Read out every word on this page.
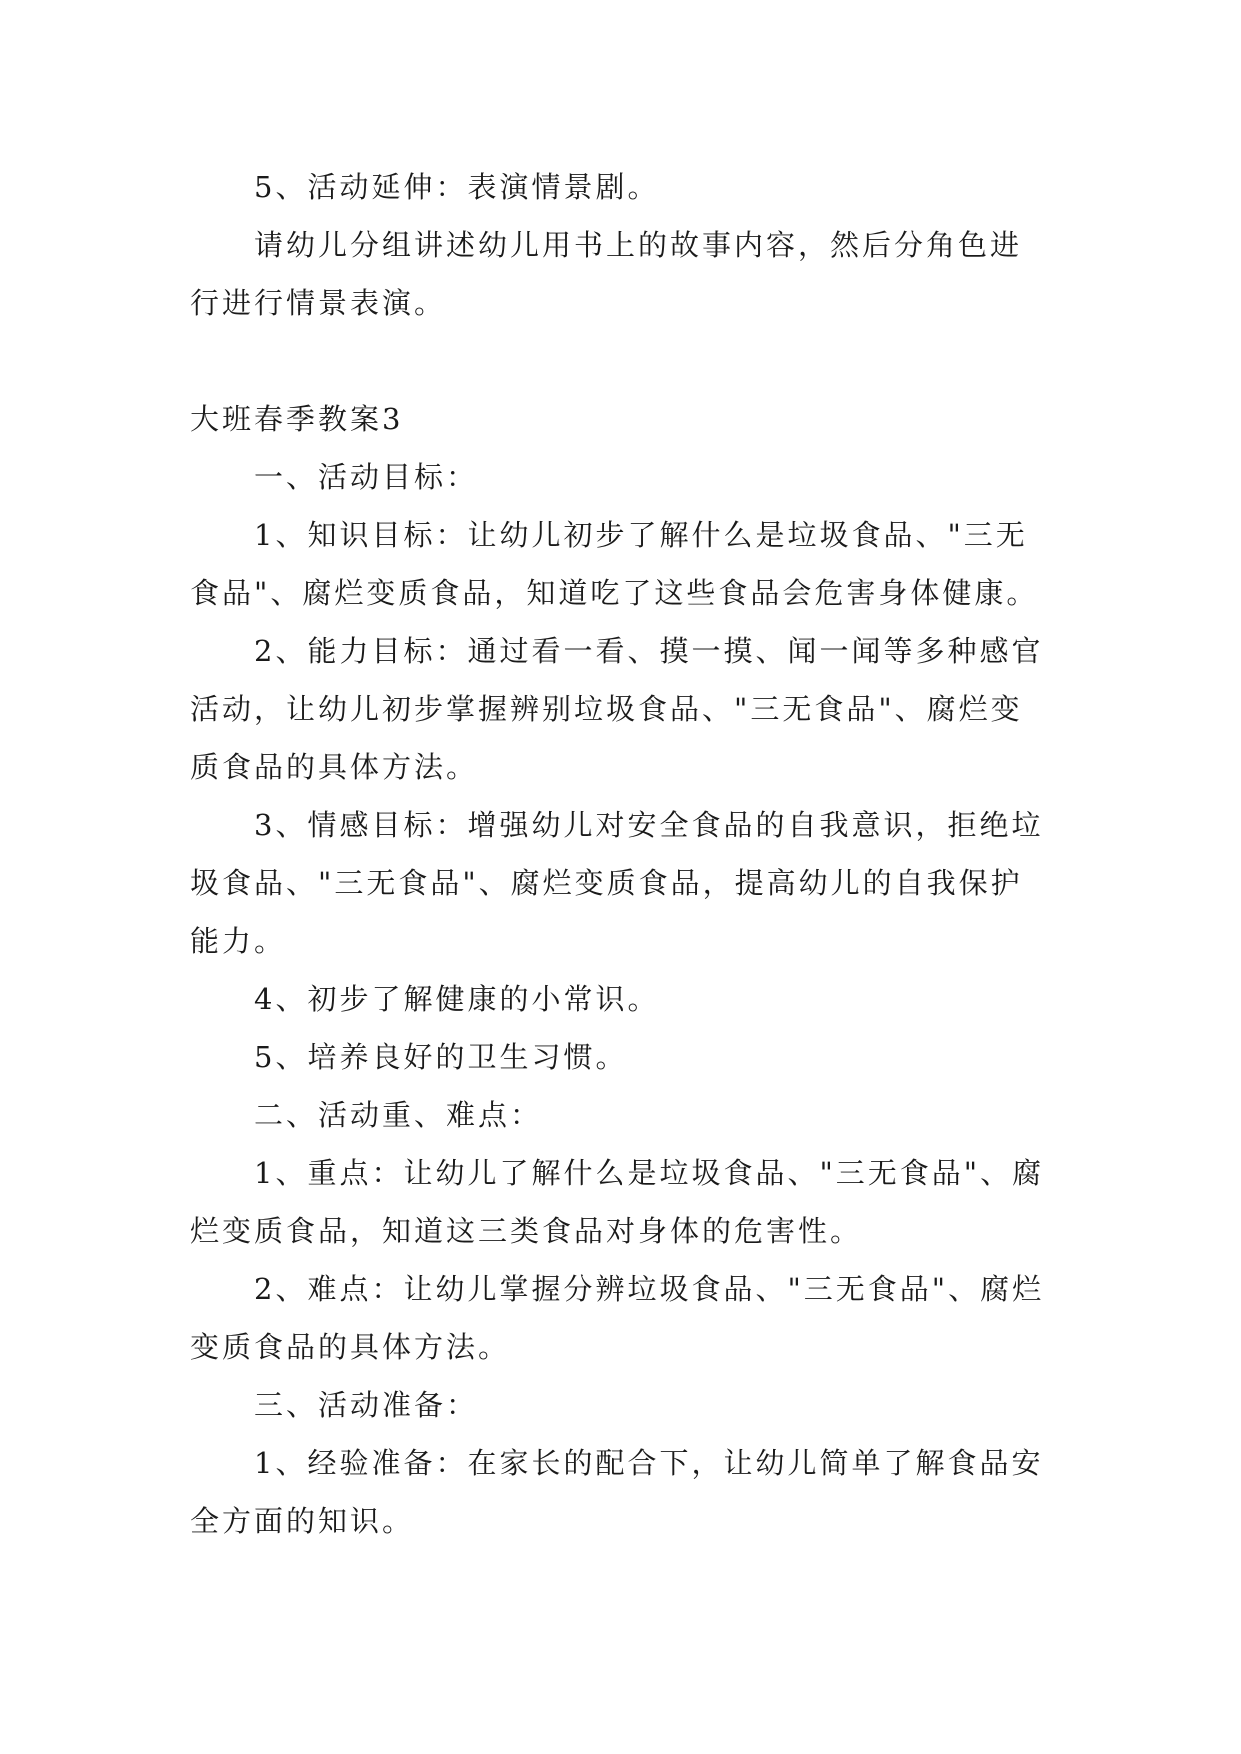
5、活动延伸：表演情景剧。

请幼儿分组讲述幼儿用书上的故事内容，然后分角色进行进行情景表演。

大班春季教案3

一、活动目标：

1、知识目标：让幼儿初步了解什么是垃圾食品、"三无食品"、腐烂变质食品，知道吃了这些食品会危害身体健康。

2、能力目标：通过看一看、摸一摸、闻一闻等多种感官活动，让幼儿初步掌握辨别垃圾食品、"三无食品"、腐烂变质食品的具体方法。

3、情感目标：增强幼儿对安全食品的自我意识，拒绝垃圾食品、"三无食品"、腐烂变质食品，提高幼儿的自我保护能力。

4、初步了解健康的小常识。

5、培养良好的卫生习惯。

二、活动重、难点：

1、重点：让幼儿了解什么是垃圾食品、"三无食品"、腐烂变质食品，知道这三类食品对身体的危害性。

2、难点：让幼儿掌握分辨垃圾食品、"三无食品"、腐烂变质食品的具体方法。

三、活动准备：

1、经验准备：在家长的配合下，让幼儿简单了解食品安全方面的知识。
